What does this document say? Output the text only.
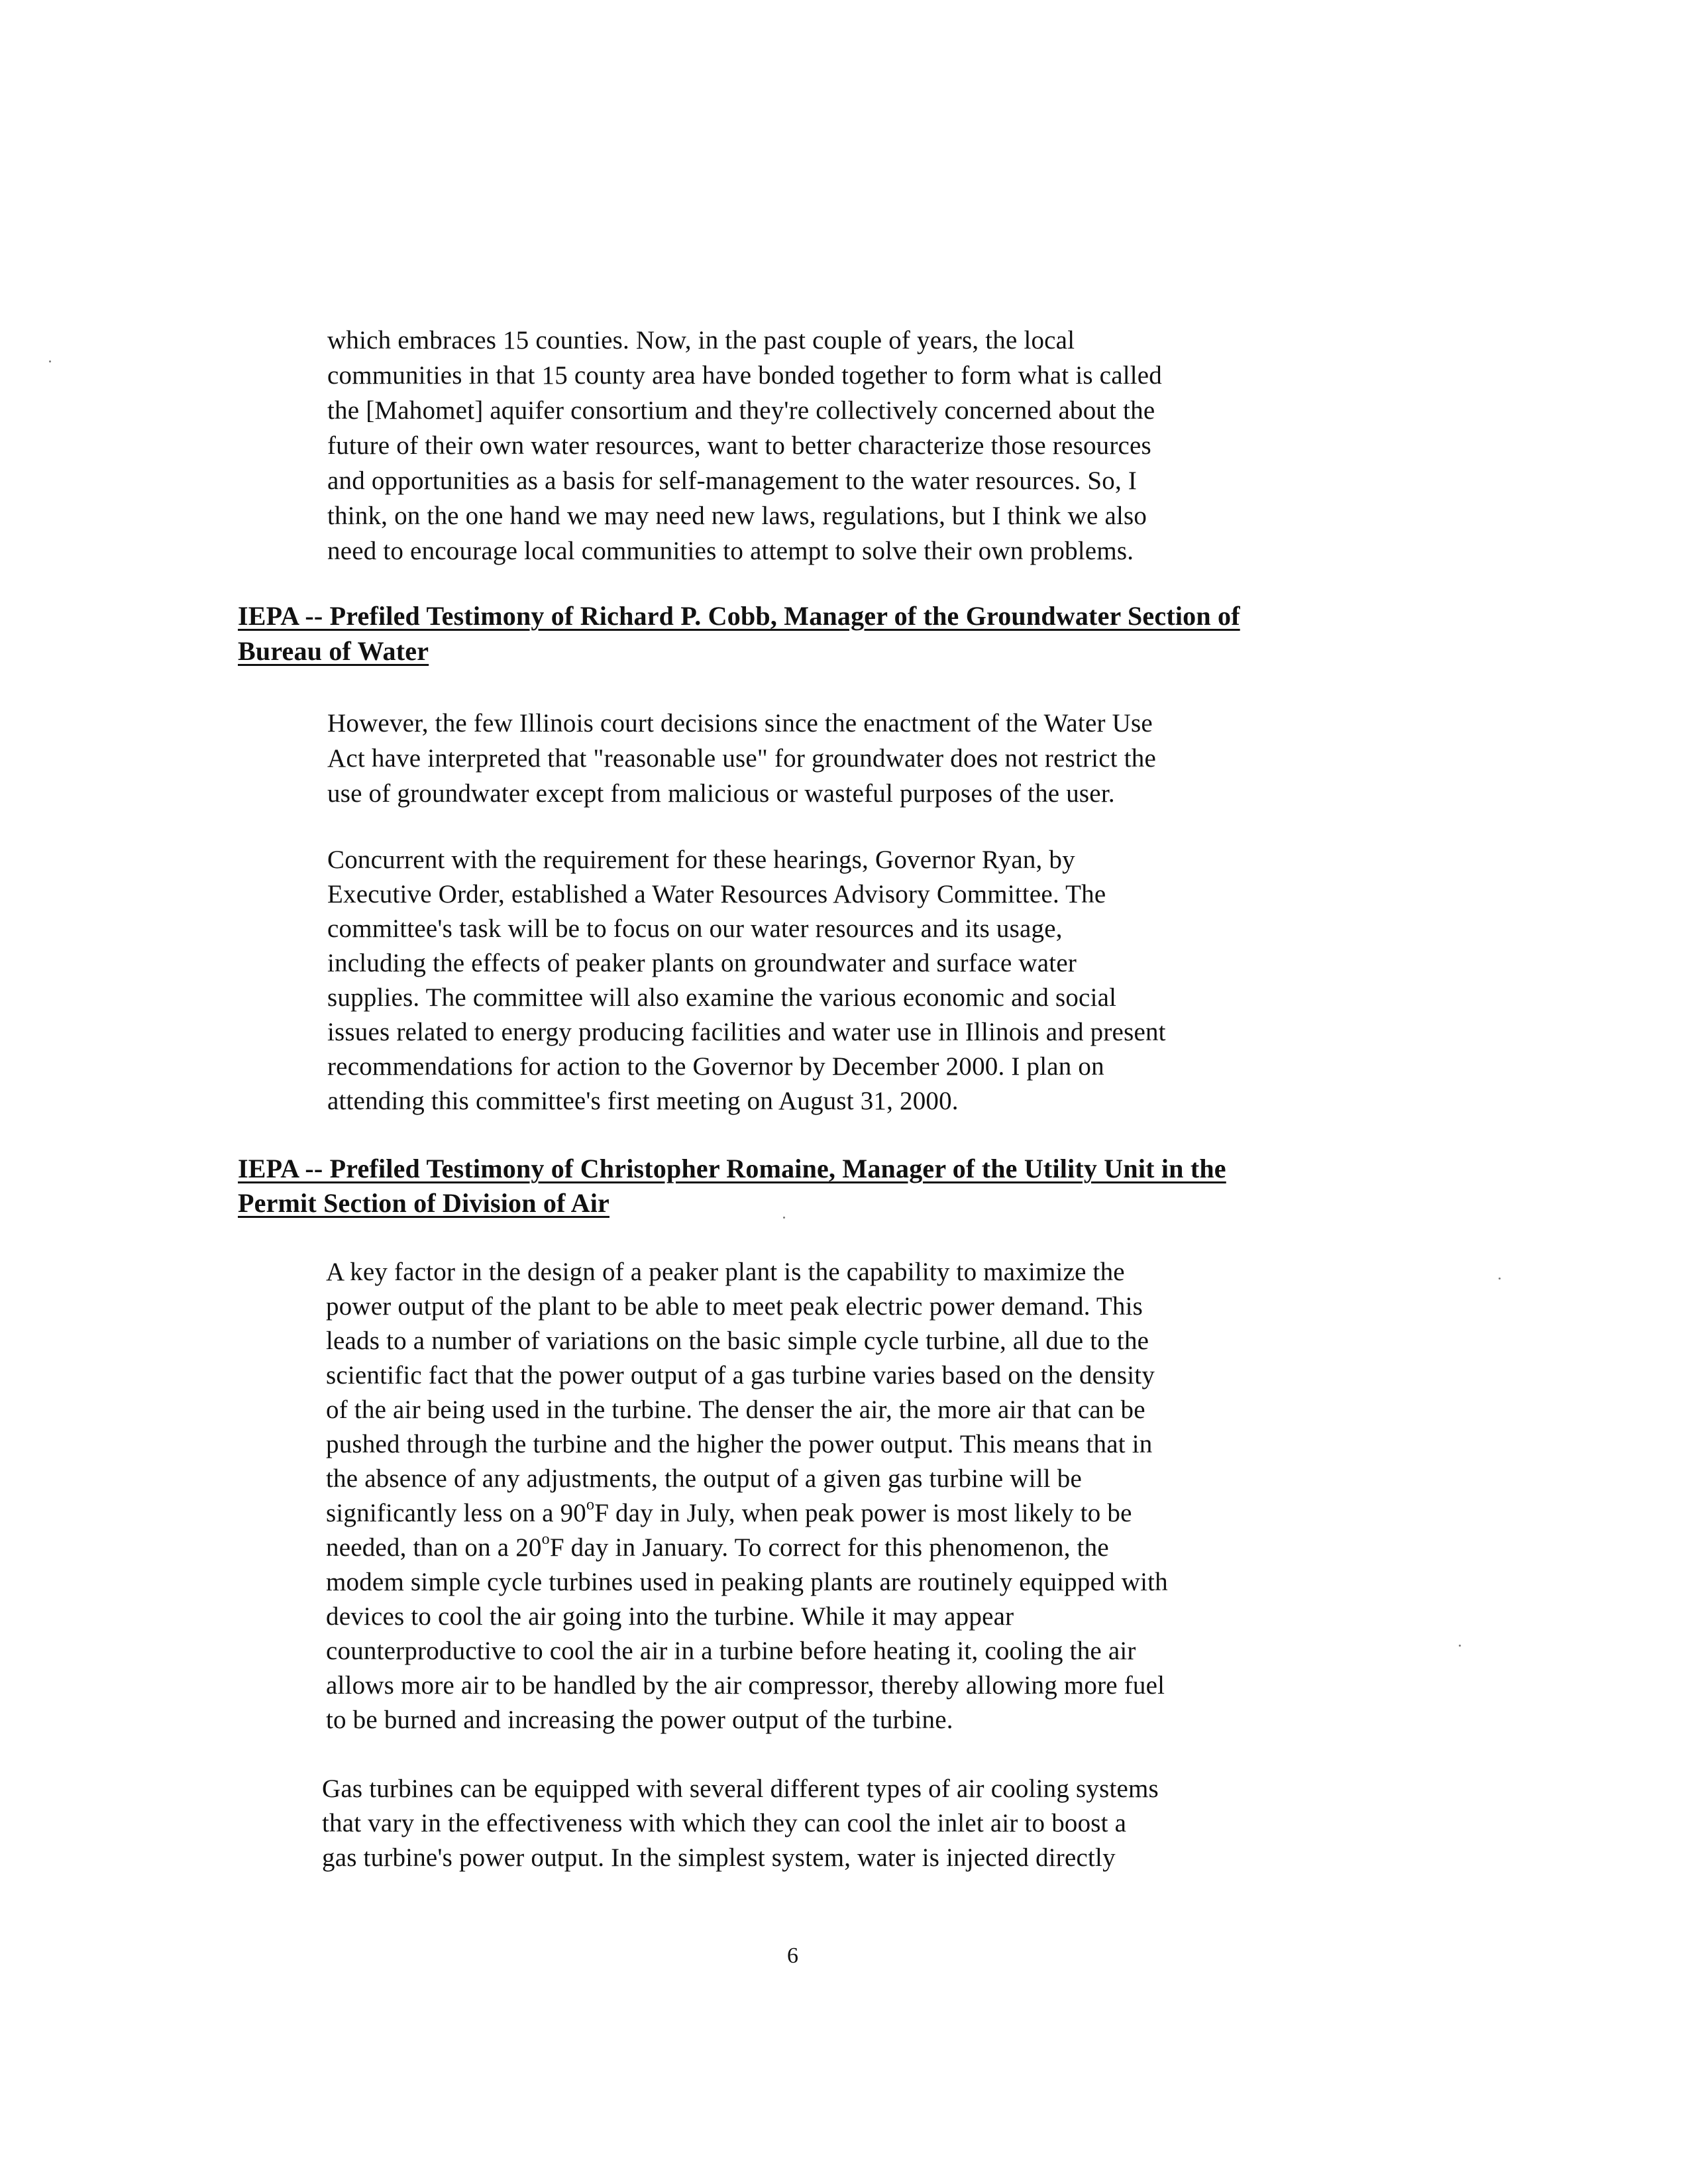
which embraces 15 counties. Now, in the past couple of years, the local
communities in that 15 county area have bonded together to form what is called
the [Mahomet] aquifer consortium and they're collectively concerned about the
future of their own water resources, want to better characterize those resources
and opportunities as a basis for self-management to the water resources. So, I
think, on the one hand we may need new laws, regulations, but I think we also
need to encourage local communities to attempt to solve their own problems.
IEPA -- Prefiled Testimony of Richard P. Cobb, Manager of the Groundwater Section of
Bureau of Water
However, the few Illinois court decisions since the enactment of the Water Use
Act have interpreted that "reasonable use" for groundwater does not restrict the
use of groundwater except from malicious or wasteful purposes of the user.
Concurrent with the requirement for these hearings, Governor Ryan, by
Executive Order, established a Water Resources Advisory Committee. The
committee's task will be to focus on our water resources and its usage,
including the effects of peaker plants on groundwater and surface water
supplies. The committee will also examine the various economic and social
issues related to energy producing facilities and water use in Illinois and present
recommendations for action to the Governor by December 2000. I plan on
attending this committee's first meeting on August 31, 2000.
IEPA -- Prefiled Testimony of Christopher Romaine, Manager of the Utility Unit in the
Permit Section of Division of Air
A key factor in the design of a peaker plant is the capability to maximize the
power output of the plant to be able to meet peak electric power demand. This
leads to a number of variations on the basic simple cycle turbine, all due to the
scientific fact that the power output of a gas turbine varies based on the density
of the air being used in the turbine. The denser the air, the more air that can be
pushed through the turbine and the higher the power output. This means that in
the absence of any adjustments, the output of a given gas turbine will be
significantly less on a 90$^o$F day in July, when peak power is most likely to be
needed, than on a 20$^o$F day in January. To correct for this phenomenon, the
modem simple cycle turbines used in peaking plants are routinely equipped with
devices to cool the air going into the turbine. While it may appear
counterproductive to cool the air in a turbine before heating it, cooling the air
allows more air to be handled by the air compressor, thereby allowing more fuel
to be burned and increasing the power output of the turbine.
Gas turbines can be equipped with several different types of air cooling systems
that vary in the effectiveness with which they can cool the inlet air to boost a
gas turbine's power output. In the simplest system, water is injected directly
6
